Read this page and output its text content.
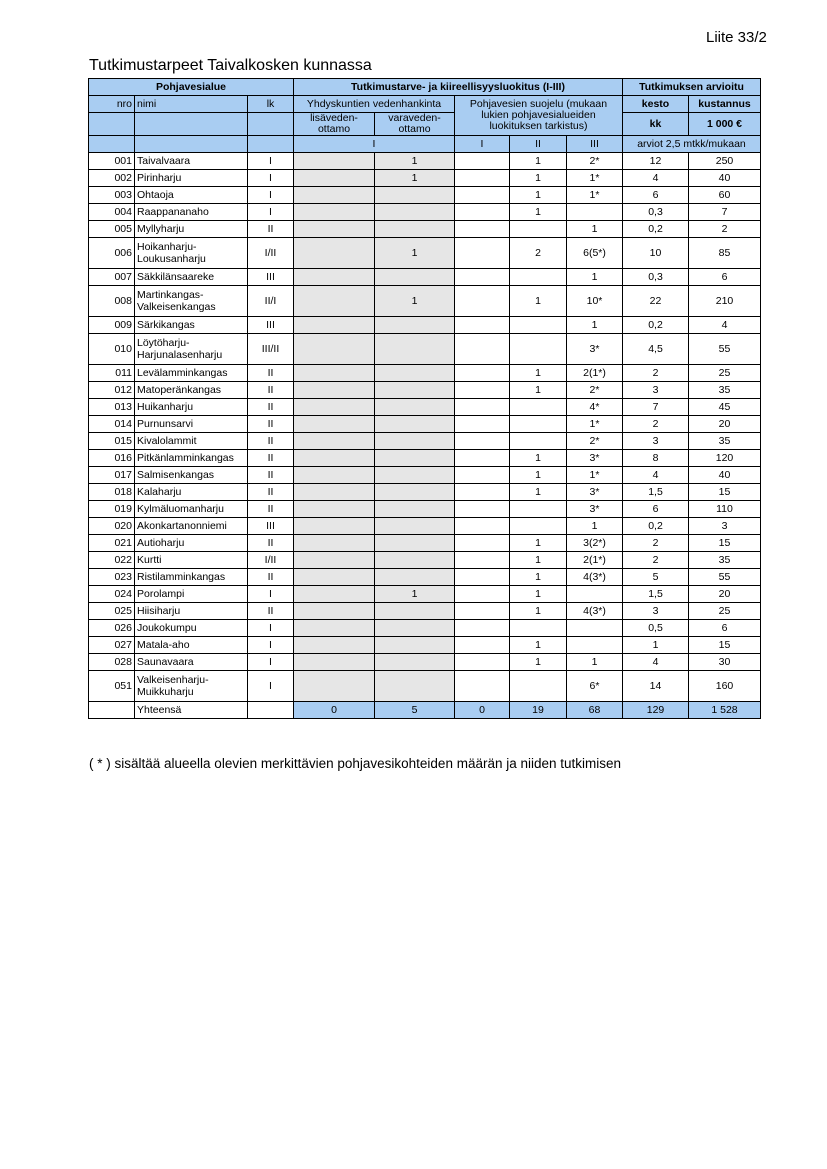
Liite 33/2
Tutkimustarpeet Taivalkosken kunnassa
Pohjavesialue			Tutkimustarve- ja kiireellisyysluokitus (I-III)					Tutkimuksen arvioitu	
nro	nimi	lk	Yhdyskuntien vedenhankinta		Pohjavesien suojelu (mukaan lukien pohjavesialueiden luokituksen tarkistus)			kesto	kustannus
			lisäveden-ottamo	varaveden-ottamo				kk	1 000 €
			I		I	II	III	arviot 2,5 mtkk/mukaan	
001	Taivalvaara	I		1		1	2*	12	250
002	Pirinharju	I		1		1	1*	4	40
003	Ohtaoja	I				1	1*	6	60
004	Raappananaho	I				1		0,3	7
005	Myllyharju	II					1	0,2	2
006	Hoikanharju-Loukusanharju	I/II		1		2	6(5*)	10	85
007	Säkkilänsaareke	III					1	0,3	6
008	Martinkangas-Valkeisenkangas	II/I		1		1	10*	22	210
009	Särkikangas	III					1	0,2	4
010	Löytöharju-Harjunalasenharju	III/II					3*	4,5	55
011	Levälamminkangas	II				1	2(1*)	2	25
012	Matoperänkangas	II				1	2*	3	35
013	Huikanharju	II					4*	7	45
014	Purnunsarvi	II					1*	2	20
015	Kivalolammit	II					2*	3	35
016	Pitkänlamminkangas	II				1	3*	8	120
017	Salmisenkangas	II				1	1*	4	40
018	Kalaharju	II				1	3*	1,5	15
019	Kylmäluomanharju	II					3*	6	110
020	Akonkartanonniemi	III					1	0,2	3
021	Autioharju	II				1	3(2*)	2	15
022	Kurtti	I/II				1	2(1*)	2	35
023	Ristilamminkangas	II				1	4(3*)	5	55
024	Porolampi	I		1		1		1,5	20
025	Hiisiharju	II				1	4(3*)	3	25
026	Joukokumpu	I						0,5	6
027	Matala-aho	I				1		1	15
028	Saunavaara	I				1	1	4	30
051	Valkeisenharju-Muikkuharju	I					6*	14	160
	Yhteensä		0	5	0	19	68	129	1 528
( * ) sisältää alueella olevien merkittävien pohjavesikohteiden määrän ja niiden tutkimisen
